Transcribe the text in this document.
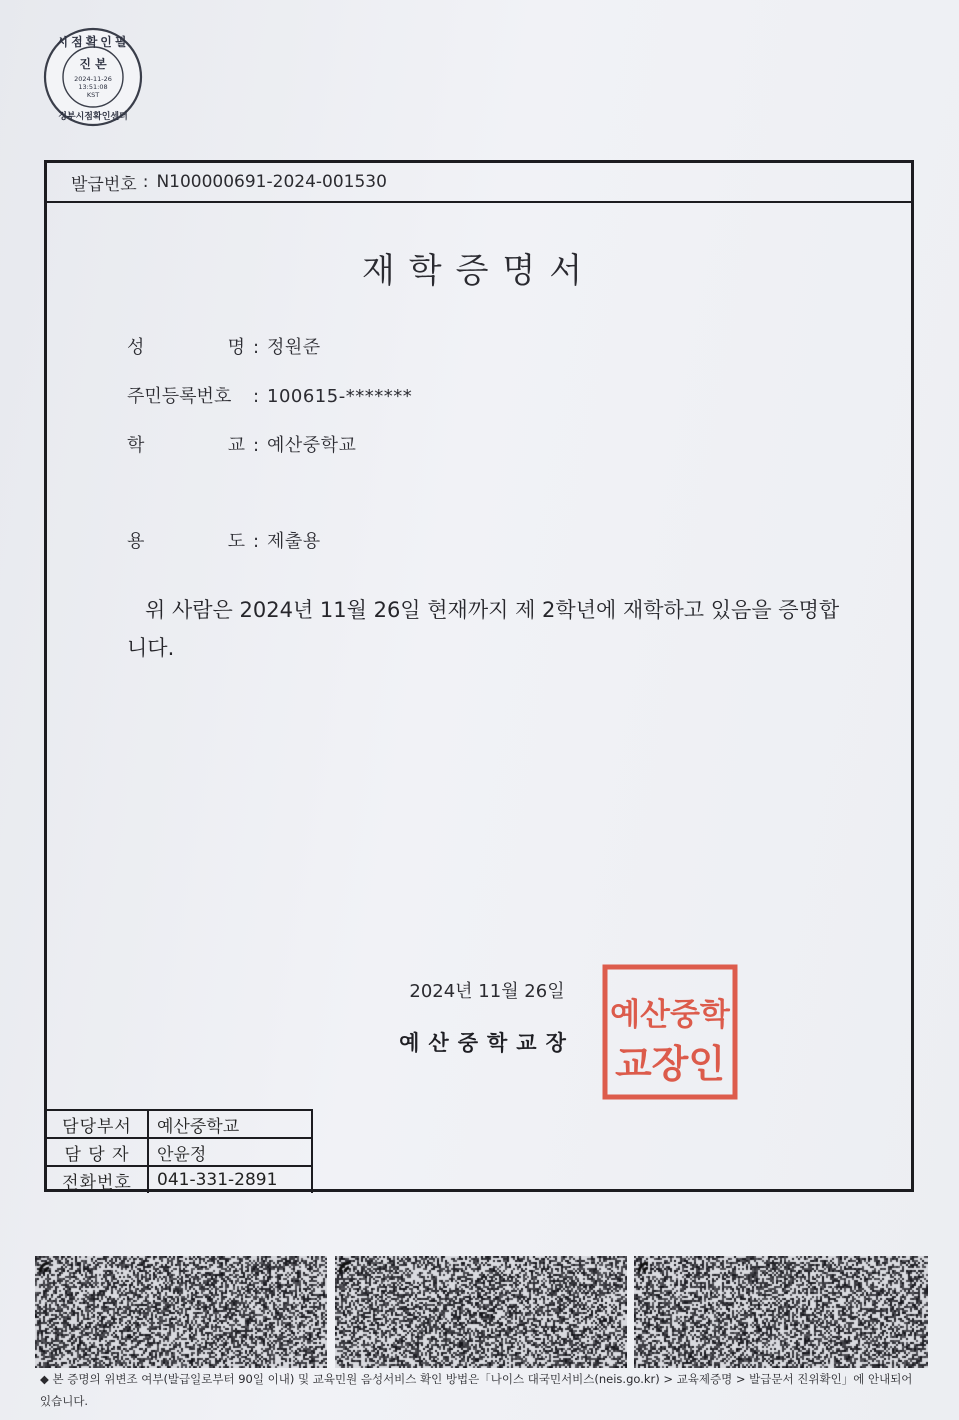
시점확인필
진 본
2024-11-26
13:51:08
KST
정부시점확인센터
발급번호 : N100000691-2024-001530
재학증명서
성 명 : 정원준
주민등록번호	: 100615-*******
학 교 : 예산중학교
용 도 : 제출용
위 사람은 2024년 11월 26일 현재까지 제 2학년에 재학하고 있음을 증명합니다.
2024년 11월 26일
예산중학교장
예산중학
교장인
담당부서	예산중학교
담 당 자	안윤정
전화번호	041-331-2891
◆ 본 증명의 위변조 여부(발급일로부터 90일 이내) 및 교육민원 음성서비스 확인 방법은「나이스 대국민서비스(neis.go.kr) > 교육제증명 > 발급문서 진위확인」에 안내되어 있습니다.
